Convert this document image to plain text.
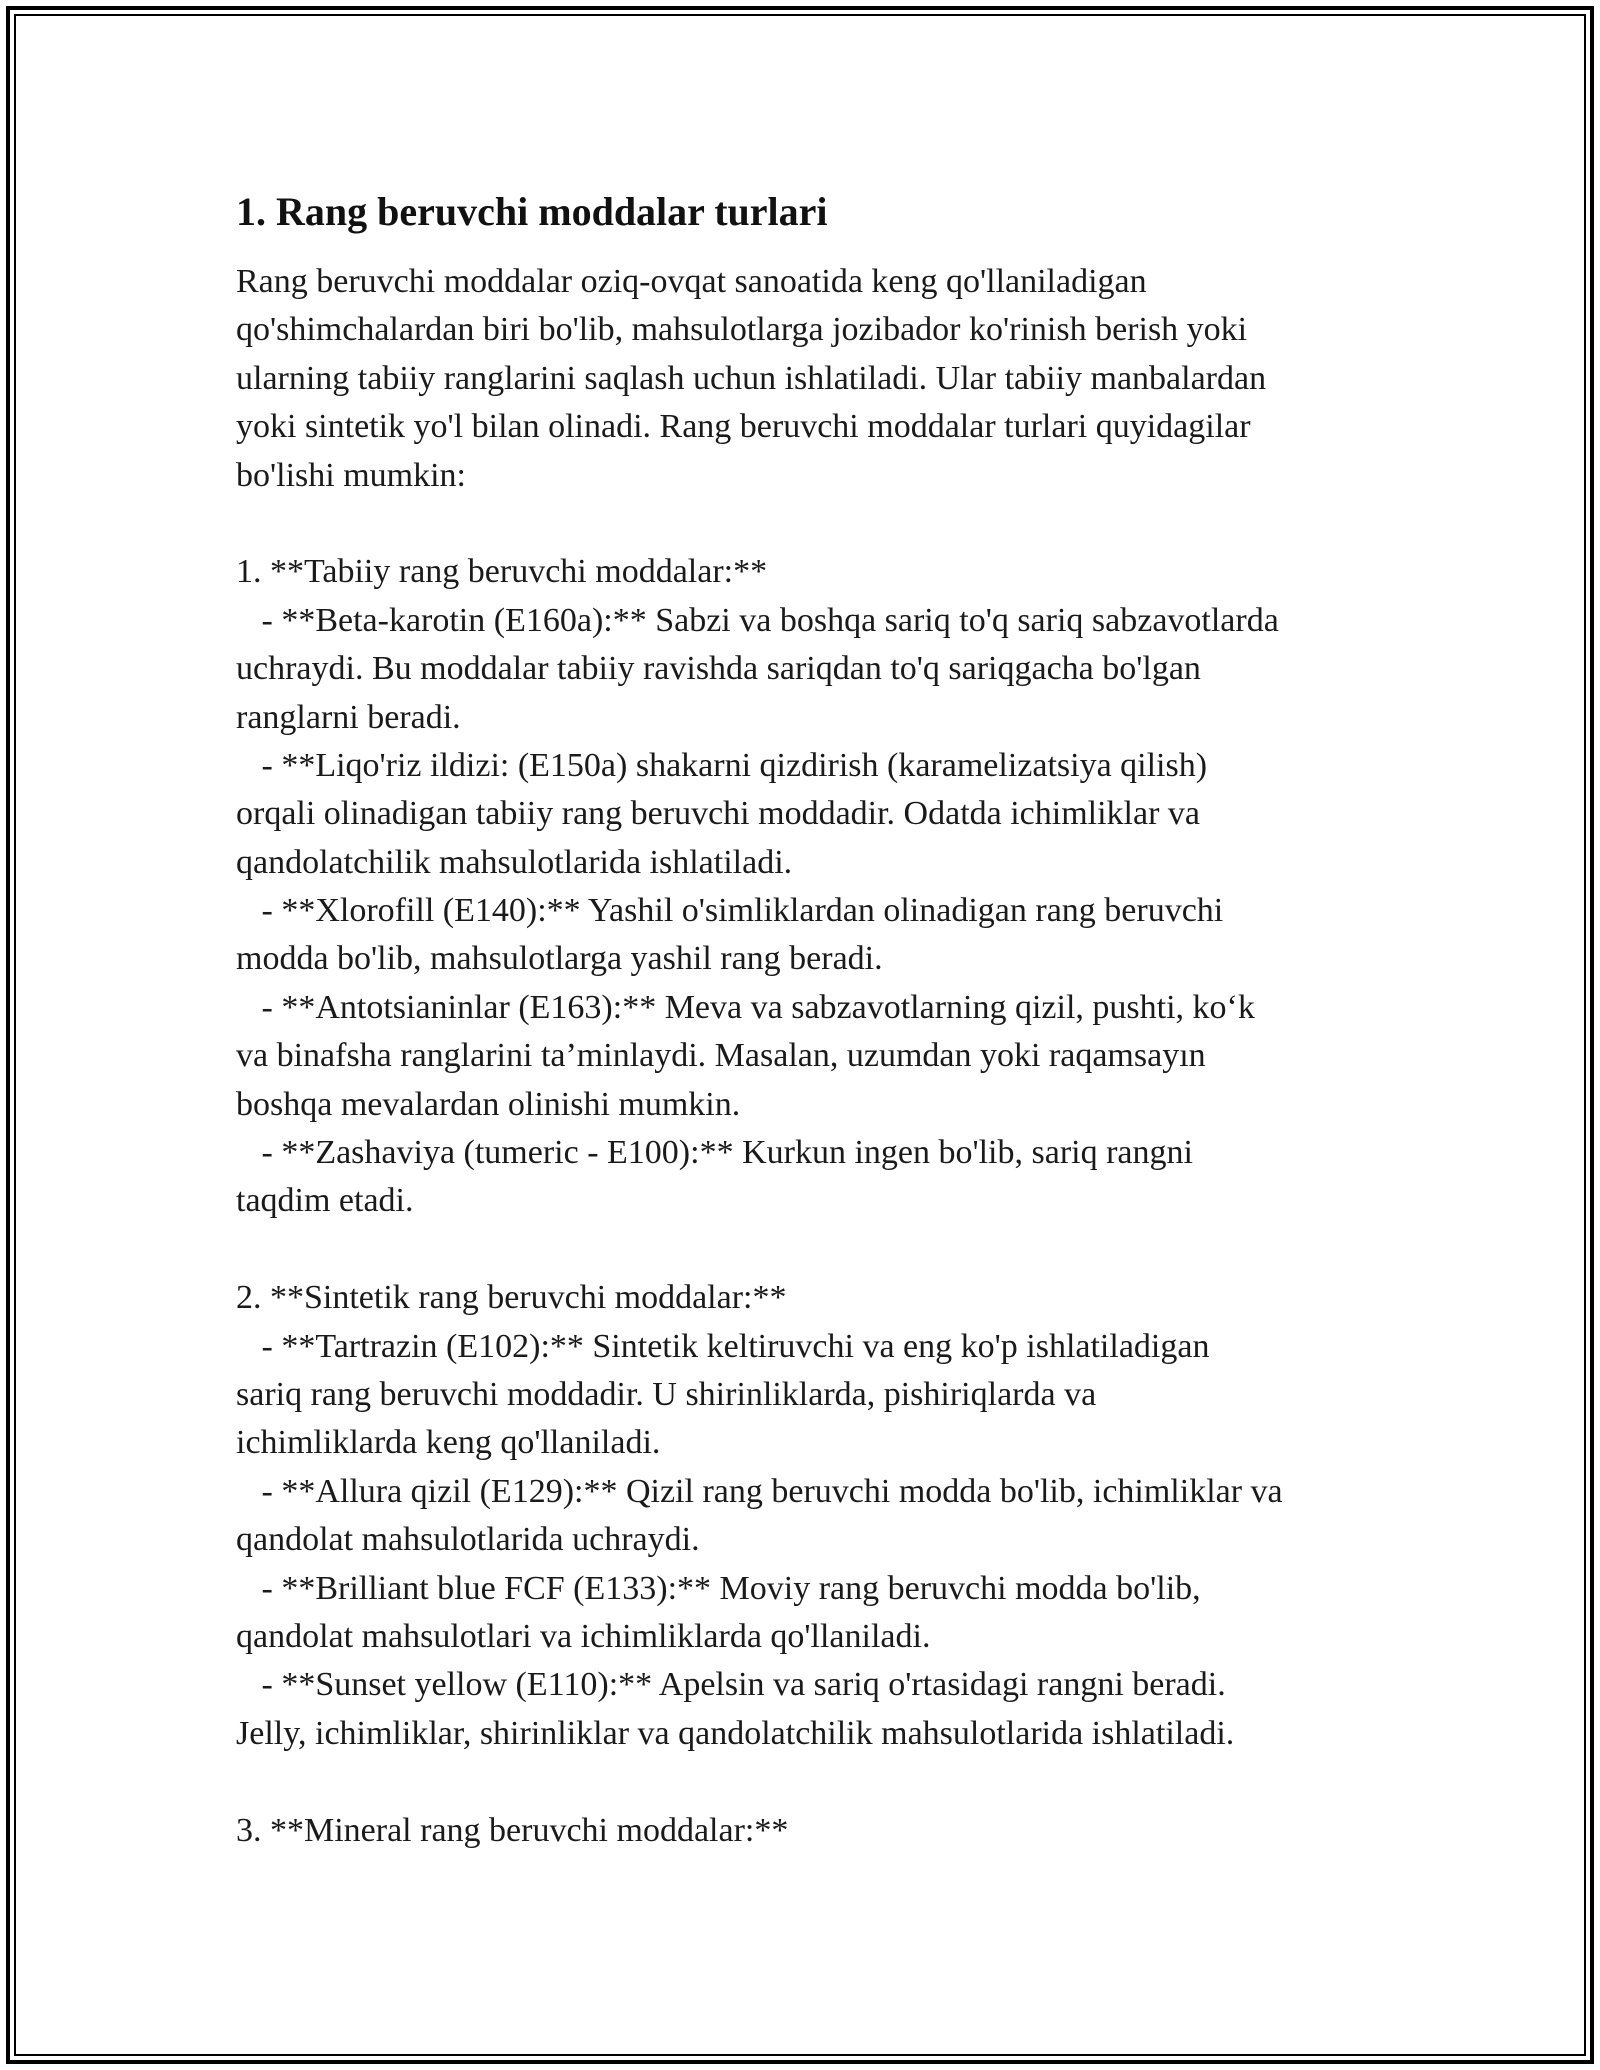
1. Rang beruvchi moddalar turlari
Rang beruvchi moddalar oziq-ovqat sanoatida keng qo'llaniladigan
qo'shimchalardan biri bo'lib, mahsulotlarga jozibador ko'rinish berish yoki
ularning tabiiy ranglarini saqlash uchun ishlatiladi. Ular tabiiy manbalardan
yoki sintetik yo'l bilan olinadi. Rang beruvchi moddalar turlari quyidagilar
bo'lishi mumkin:
1. **Tabiiy rang beruvchi moddalar:**
- **Beta-karotin (E160a):** Sabzi va boshqa sariq to'q sariq sabzavotlarda
uchraydi. Bu moddalar tabiiy ravishda sariqdan to'q sariqgacha bo'lgan
ranglarni beradi.
- **Liqo'riz ildizi: (E150a) shakarni qizdirish (karamelizatsiya qilish)
orqali olinadigan tabiiy rang beruvchi moddadir. Odatda ichimliklar va
qandolatchilik mahsulotlarida ishlatiladi.
- **Xlorofill (E140):** Yashil o'simliklardan olinadigan rang beruvchi
modda bo'lib, mahsulotlarga yashil rang beradi.
- **Antotsianinlar (E163):** Meva va sabzavotlarning qizil, pushti, ko‘k
va binafsha ranglarini ta’minlaydi. Masalan, uzumdan yoki raqamsayın
boshqa mevalardan olinishi mumkin.
- **Zashaviya (tumeric - E100):** Kurkun ingen bo'lib, sariq rangni
taqdim etadi.
2. **Sintetik rang beruvchi moddalar:**
- **Tartrazin (E102):** Sintetik keltiruvchi va eng ko'p ishlatiladigan
sariq rang beruvchi moddadir. U shirinliklarda, pishiriqlarda va
ichimliklarda keng qo'llaniladi.
- **Allura qizil (E129):** Qizil rang beruvchi modda bo'lib, ichimliklar va
qandolat mahsulotlarida uchraydi.
- **Brilliant blue FCF (E133):** Moviy rang beruvchi modda bo'lib,
qandolat mahsulotlari va ichimliklarda qo'llaniladi.
- **Sunset yellow (E110):** Apelsin va sariq o'rtasidagi rangni beradi.
Jelly, ichimliklar, shirinliklar va qandolatchilik mahsulotlarida ishlatiladi.
3. **Mineral rang beruvchi moddalar:**
